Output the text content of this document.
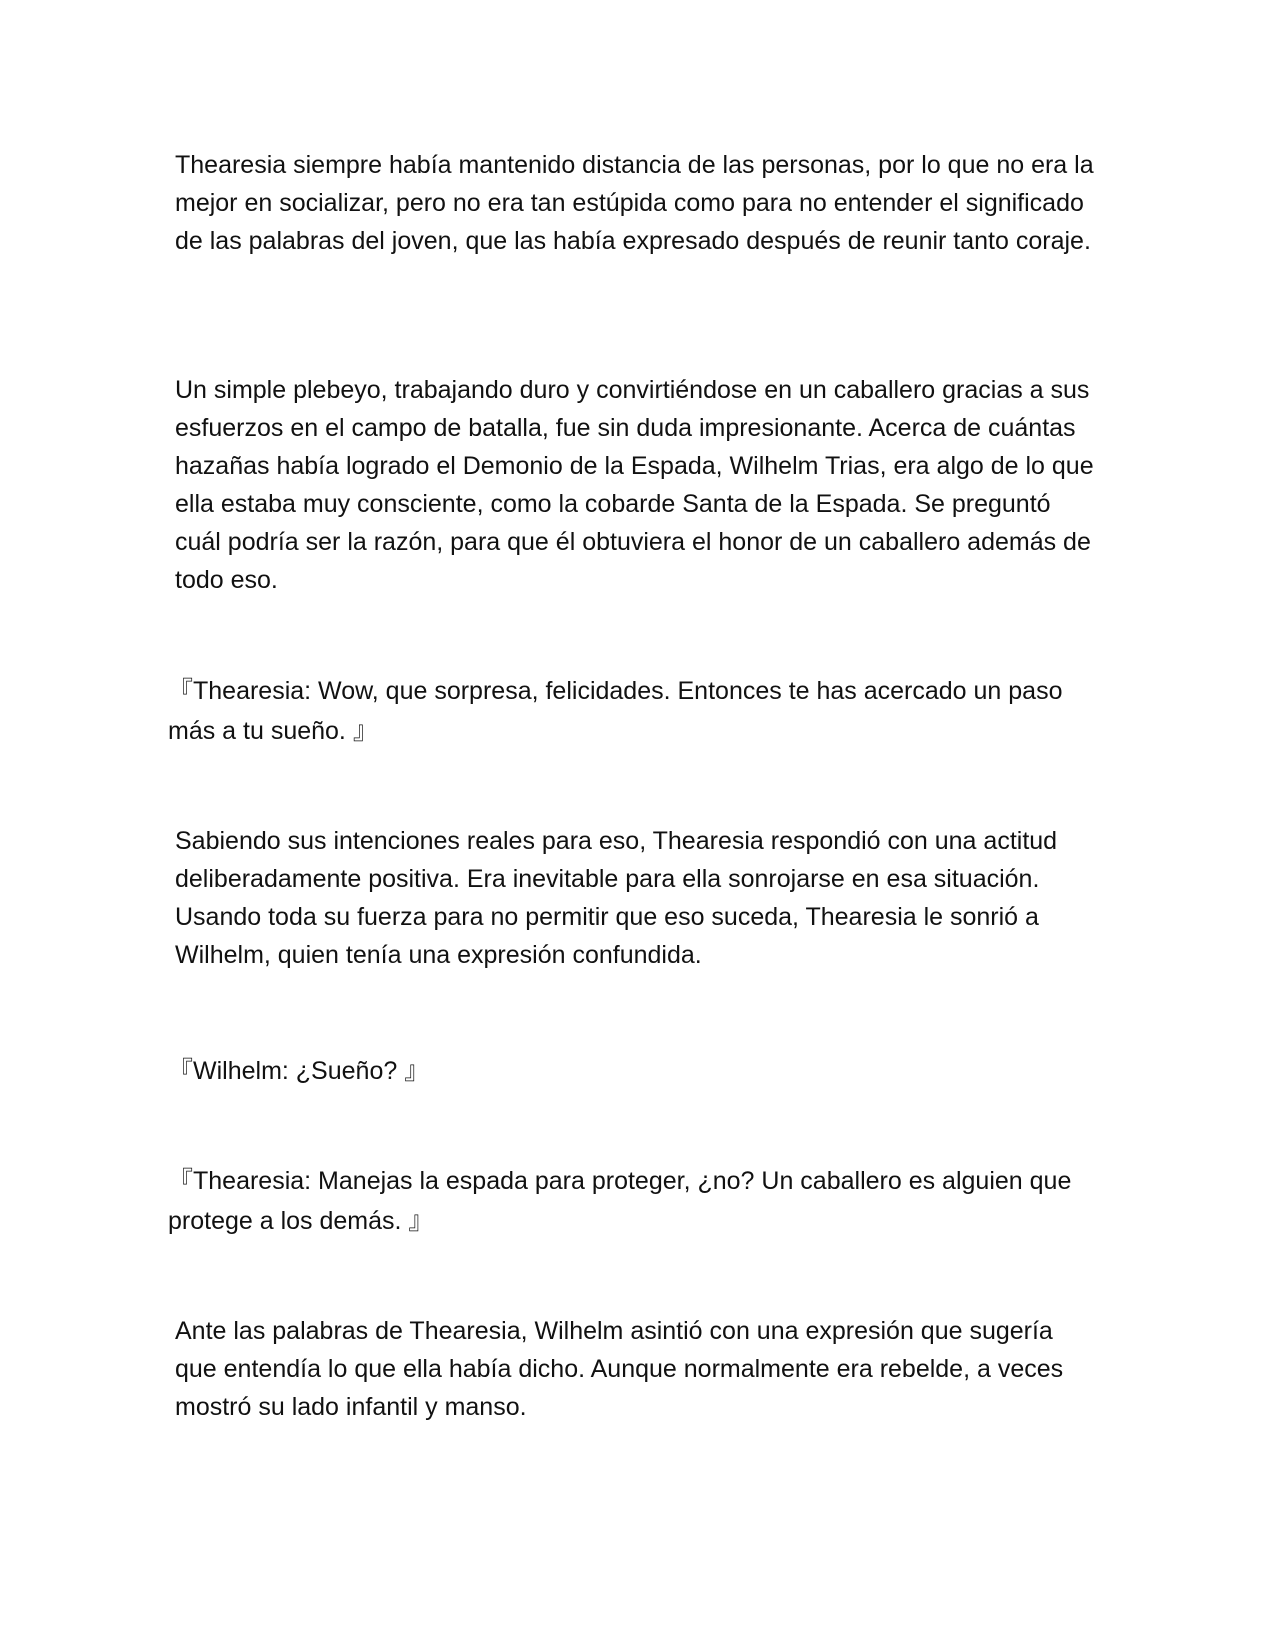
Thearesia siempre había mantenido distancia de las personas, por lo que no era la mejor en socializar, pero no era tan estúpida como para no entender el significado de las palabras del joven, que las había expresado después de reunir tanto coraje.

Un simple plebeyo, trabajando duro y convirtiéndose en un caballero gracias a sus esfuerzos en el campo de batalla, fue sin duda impresionante. Acerca de cuántas hazañas había logrado el Demonio de la Espada, Wilhelm Trias, era algo de lo que ella estaba muy consciente, como la cobarde Santa de la Espada. Se preguntó cuál podría ser la razón, para que él obtuviera el honor de un caballero además de todo eso.

『Thearesia: Wow, que sorpresa, felicidades. Entonces te has acercado un paso más a tu sueño. 』

Sabiendo sus intenciones reales para eso, Thearesia respondió con una actitud deliberadamente positiva. Era inevitable para ella sonrojarse en esa situación. Usando toda su fuerza para no permitir que eso suceda, Thearesia le sonrió a Wilhelm, quien tenía una expresión confundida.

『Wilhelm: ¿Sueño? 』

『Thearesia: Manejas la espada para proteger, ¿no? Un caballero es alguien que protege a los demás. 』

Ante las palabras de Thearesia, Wilhelm asintió con una expresión que sugería que entendía lo que ella había dicho. Aunque normalmente era rebelde, a veces mostró su lado infantil y manso.
